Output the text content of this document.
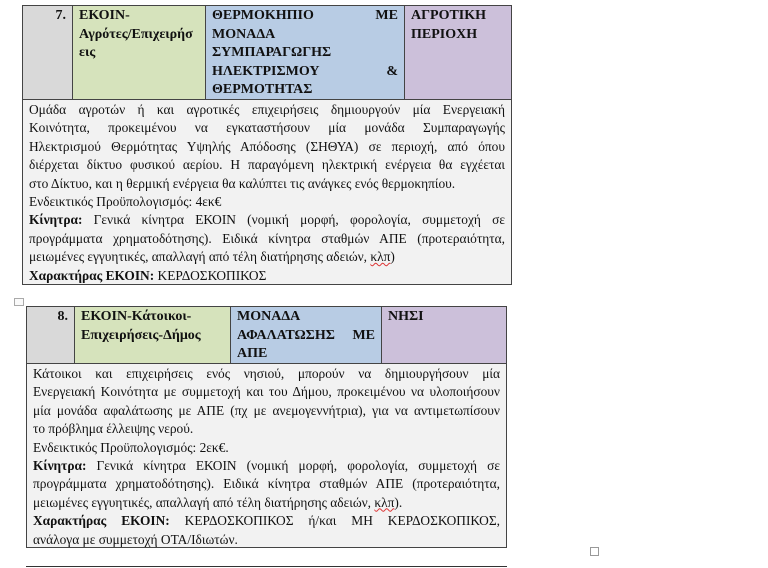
7. ΕΚΟΙΝ-
Αγρότες/Επιχειρήσ
εις
ΘΕΡΜΟΚΗΠΙΟ ΜΕ
ΜΟΝΑΔΑ
ΣΥΜΠΑΡΑΓΩΓΗΣ
ΗΛΕΚΤΡΙΣΜΟΥ &
ΘΕΡΜΟΤΗΤΑΣ
ΑΓΡΟΤΙΚΗ
ΠΕΡΙΟΧΗ
Ομάδα αγροτών ή και αγροτικές επιχειρήσεις δημιουργούν μία Ενεργειακή
Κοινότητα, προκειμένου να εγκαταστήσουν μία μονάδα Συμπαραγωγής
Ηλεκτρισμού Θερμότητας Υψηλής Απόδοσης (ΣΗΘΥΑ) σε περιοχή, από όπου
διέρχεται δίκτυο φυσικού αερίου. Η παραγόμενη ηλεκτρική ενέργεια θα εγχέεται
στο Δίκτυο, και η θερμική ενέργεια θα καλύπτει τις ανάγκες ενός θερμοκηπίου.
Ενδεικτικός Προϋπολογισμός: 4εκ€
Κίνητρα: Γενικά κίνητρα ΕΚΟΙΝ (νομική μορφή, φορολογία, συμμετοχή σε
προγράμματα χρηματοδότησης). Ειδικά κίνητρα σταθμών ΑΠΕ (προτεραιότητα,
μειωμένες εγγυητικές, απαλλαγή από τέλη διατήρησης αδειών, κλπ)
Χαρακτήρας ΕΚΟΙΝ: ΚΕΡΔΟΣΚΟΠΙΚΟΣ
8. ΕΚΟΙΝ-Κάτοικοι-
Επιχειρήσεις-Δήμος
ΜΟΝΑΔΑ
ΑΦΑΛΑΤΩΣΗΣ ΜΕ
ΑΠΕ
ΝΗΣΙ
Κάτοικοι και επιχειρήσεις ενός νησιού, μπορούν να δημιουργήσουν μία
Ενεργειακή Κοινότητα με συμμετοχή και του Δήμου, προκειμένου να υλοποιήσουν
μία μονάδα αφαλάτωσης με ΑΠΕ (πχ με ανεμογεννήτρια), για να αντιμετωπίσουν
το πρόβλημα έλλειψης νερού.
Ενδεικτικός Προϋπολογισμός: 2εκ€.
Κίνητρα: Γενικά κίνητρα ΕΚΟΙΝ (νομική μορφή, φορολογία, συμμετοχή σε
προγράμματα χρηματοδότησης). Ειδικά κίνητρα σταθμών ΑΠΕ (προτεραιότητα,
μειωμένες εγγυητικές, απαλλαγή από τέλη διατήρησης αδειών, κλπ).
Χαρακτήρας ΕΚΟΙΝ: ΚΕΡΔΟΣΚΟΠΙΚΟΣ ή/και ΜΗ ΚΕΡΔΟΣΚΟΠΙΚΟΣ,
ανάλογα με συμμετοχή ΟΤΑ/Ιδιωτών.
